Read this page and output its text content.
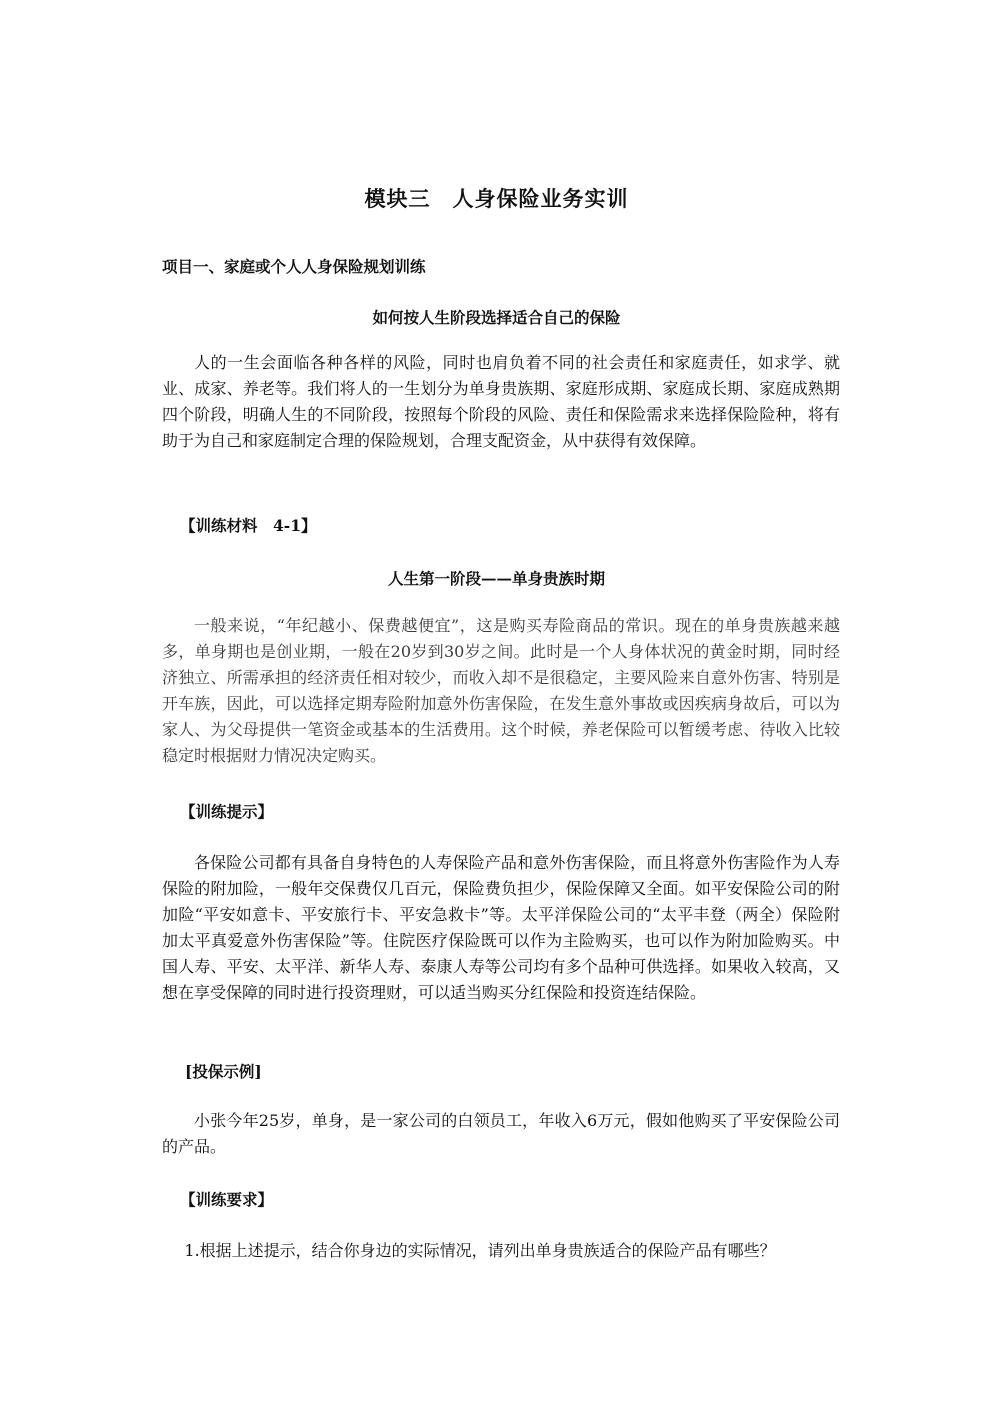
模块三　人身保险业务实训
项目一、家庭或个人人身保险规划训练
如何按人生阶段选择适合自己的保险
人的一生会面临各种各样的风险，同时也肩负着不同的社会责任和家庭责任，如求学、就业、成家、养老等。我们将人的一生划分为单身贵族期、家庭形成期、家庭成长期、家庭成熟期四个阶段，明确人生的不同阶段，按照每个阶段的风险、责任和保险需求来选择保险险种，将有助于为自己和家庭制定合理的保险规划，合理支配资金，从中获得有效保障。
【训练材料　4-1】
人生第一阶段——单身贵族时期
一般来说，“年纪越小、保费越便宜”，这是购买寿险商品的常识。现在的单身贵族越来越多，单身期也是创业期，一般在20岁到30岁之间。此时是一个人身体状况的黄金时期，同时经济独立、所需承担的经济责任相对较少，而收入却不是很稳定，主要风险来自意外伤害、特别是开车族，因此，可以选择定期寿险附加意外伤害保险，在发生意外事故或因疾病身故后，可以为家人、为父母提供一笔资金或基本的生活费用。这个时候，养老保险可以暂缓考虑、待收入比较稳定时根据财力情况决定购买。
【训练提示】
各保险公司都有具备自身特色的人寿保险产品和意外伤害保险，而且将意外伤害险作为人寿保险的附加险，一般年交保费仅几百元，保险费负担少，保险保障又全面。如平安保险公司的附加险“平安如意卡、平安旅行卡、平安急救卡”等。太平洋保险公司的“太平丰登（两全）保险附加太平真爱意外伤害保险”等。住院医疗保险既可以作为主险购买，也可以作为附加险购买。中国人寿、平安、太平洋、新华人寿、泰康人寿等公司均有多个品种可供选择。如果收入较高，又想在享受保障的同时进行投资理财，可以适当购买分红保险和投资连结保险。
[投保示例]
小张今年25岁，单身，是一家公司的白领员工，年收入6万元，假如他购买了平安保险公司的产品。
【训练要求】
1.根据上述提示，结合你身边的实际情况，请列出单身贵族适合的保险产品有哪些？
